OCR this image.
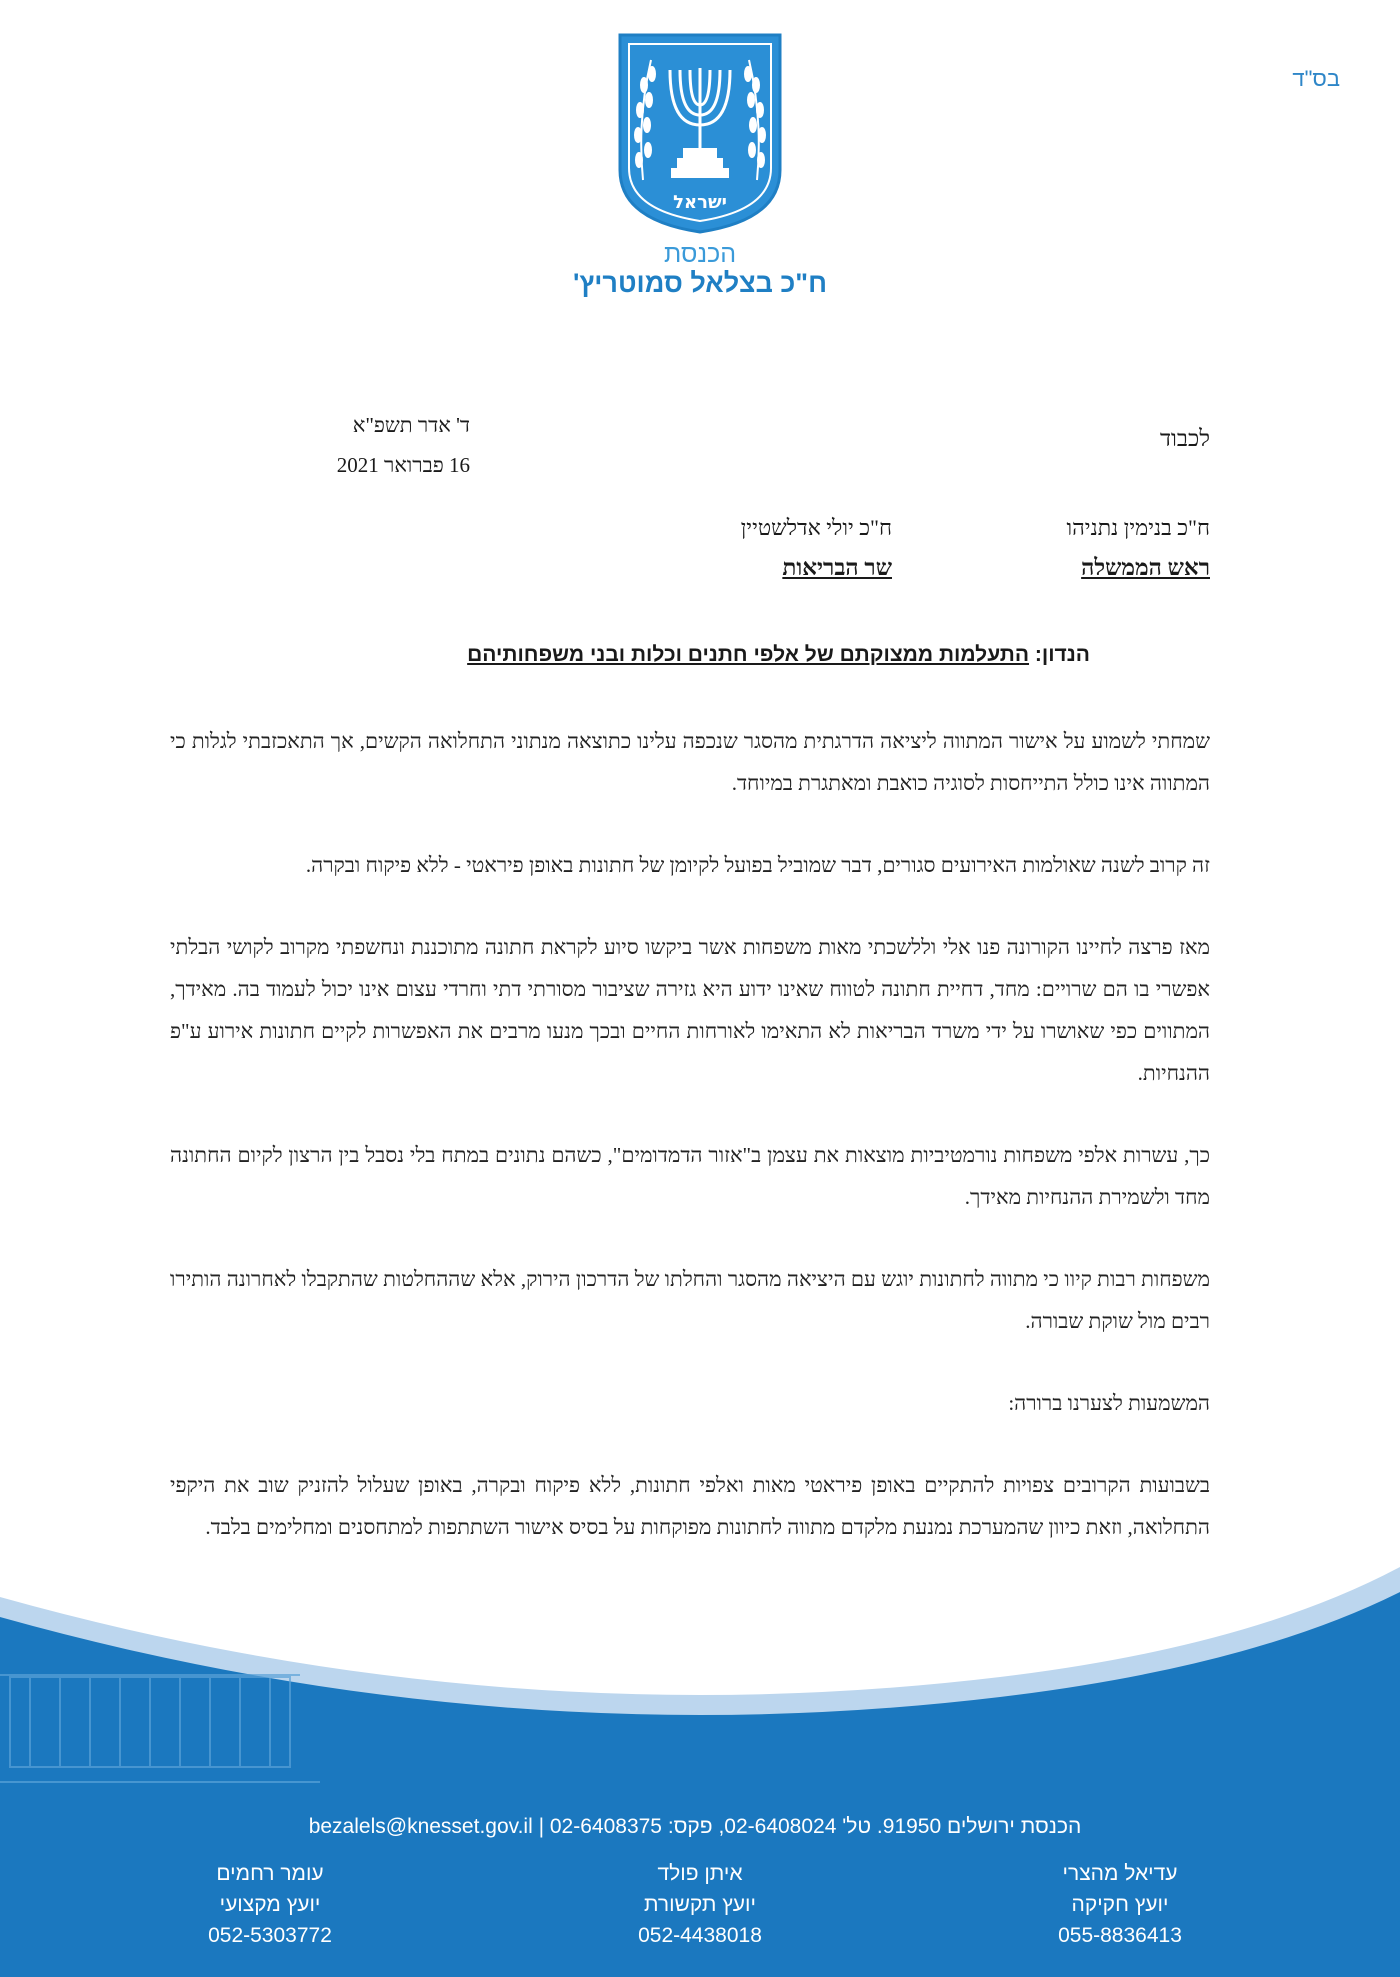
בס"ד
ישראל
הכנסת
ח"כ בצלאל סמוטריץ'
ד' אדר תשפ"א
16 פברואר 2021
לכבוד
ח"כ בנימין נתניהו
ראש הממשלה
ח"כ יולי אדלשטיין
שר הבריאות
הנדון: התעלמות ממצוקתם של אלפי חתנים וכלות ובני משפחותיהם

שמחתי לשמוע על אישור המתווה ליציאה הדרגתית מהסגר שנכפה עלינו כתוצאה מנתוני התחלואה הקשים, אך התאכזבתי לגלות כי המתווה אינו כולל התייחסות לסוגיה כואבת ומאתגרת במיוחד.

זה קרוב לשנה שאולמות האירועים סגורים, דבר שמוביל בפועל לקיומן של חתונות באופן פיראטי - ללא פיקוח ובקרה.

מאז פרצה לחיינו הקורונה פנו אלי וללשכתי מאות משפחות אשר ביקשו סיוע לקראת חתונה מתוכננת ונחשפתי מקרוב לקושי הבלתי אפשרי בו הם שרויים: מחד, דחיית חתונה לטווח שאינו ידוע היא גזירה שציבור מסורתי דתי וחרדי עצום אינו יכול לעמוד בה. מאידך, המתווים כפי שאושרו על ידי משרד הבריאות לא התאימו לאורחות החיים ובכך מנעו מרבים את האפשרות לקיים חתונות אירוע ע"פ ההנחיות.

כך, עשרות אלפי משפחות נורמטיביות מוצאות את עצמן ב"אזור הדמדומים", כשהם נתונים במתח בלי נסבל בין הרצון לקיום החתונה מחד ולשמירת ההנחיות מאידך.

משפחות רבות קיוו כי מתווה לחתונות יוגש עם היציאה מהסגר והחלתו של הדרכון הירוק, אלא שההחלטות שהתקבלו לאחרונה הותירו רבים מול שוקת שבורה.

המשמעות לצערנו ברורה:

בשבועות הקרובים צפויות להתקיים באופן פיראטי מאות ואלפי חתונות, ללא פיקוח ובקרה, באופן שעלול להזניק שוב את היקפי התחלואה, וזאת כיוון שהמערכת נמנעת מלקדם מתווה לחתונות מפוקחות על בסיס אישור השתתפות למתחסנים ומחלימים בלבד.

הכנסת ירושלים 91950. טל' 02-6408024, פקס: 02-6408375 | bezalels@knesset.gov.il
עדיאל מהצרי
יועץ חקיקה
055-8836413
איתן פולד
יועץ תקשורת
052-4438018
עומר רחמים
יועץ מקצועי
052-5303772
